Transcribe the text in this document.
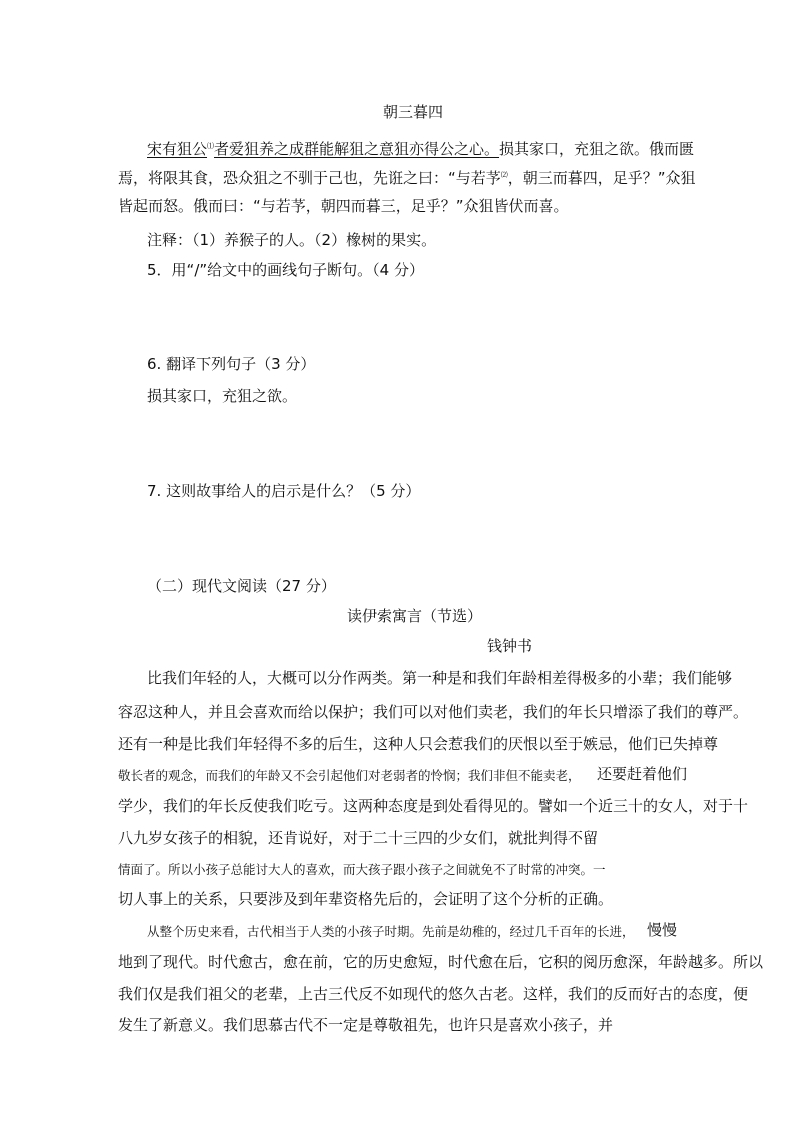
朝三暮四
宋有狙公⑴者爱狙养之成群能解狙之意狙亦得公之心。损其家口，充狙之欲。俄而匮
焉，将限其食，恐众狙之不驯于己也，先诳之曰：“与若芧⑵，朝三而暮四，足乎？”众狙
皆起而怒。俄而曰：“与若芧，朝四而暮三，足乎？”众狙皆伏而喜。
注释：（1）养猴子的人。（2）橡树的果实。
5．用“/”给文中的画线句子断句。（4 分）
6. 翻译下列句子（3 分）
损其家口，充狙之欲。
7. 这则故事给人的启示是什么？（5 分）
（二）现代文阅读（27 分）
读伊索寓言（节选）
钱钟书
比我们年轻的人，大概可以分作两类。第一种是和我们年龄相差得极多的小辈；我们能够
容忍这种人，并且会喜欢而给以保护；我们可以对他们卖老，我们的年长只增添了我们的尊严。
还有一种是比我们年轻得不多的后生，这种人只会惹我们的厌恨以至于嫉忌，他们已失掉尊
敬长者的观念，而我们的年龄又不会引起他们对老弱者的怜悯；我们非但不能卖老， 还要赶着他们
学少，我们的年长反使我们吃亏。这两种态度是到处看得见的。譬如一个近三十的女人，对于十
八九岁女孩子的相貌，还肯说好，对于二十三四的少女们，就批判得不留
情面了。所以小孩子总能讨大人的喜欢，而大孩子跟小孩子之间就免不了时常的冲突。一
切人事上的关系，只要涉及到年辈资格先后的，会证明了这个分析的正确。
从整个历史来看，古代相当于人类的小孩子时期。先前是幼稚的，经过几千百年的长进， 慢慢
地到了现代。时代愈古，愈在前，它的历史愈短，时代愈在后，它积的阅历愈深，年龄越多。所以
我们仅是我们祖父的老辈，上古三代反不如现代的悠久古老。这样，我们的反而好古的态度，便
发生了新意义。我们思慕古代不一定是尊敬祖先，也许只是喜欢小孩子，并
